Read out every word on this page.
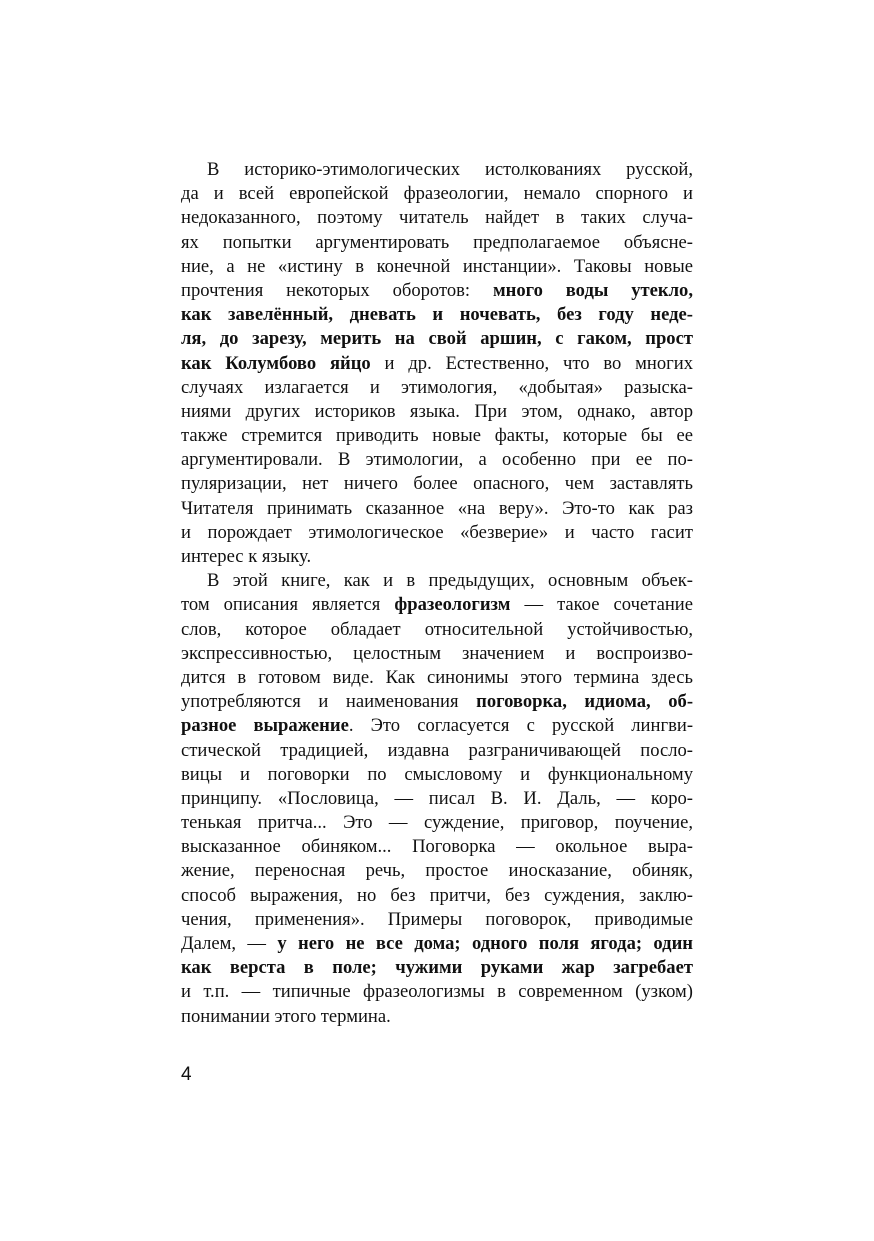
В историко-этимологических истолкованиях русской,
да и всей европейской фразеологии, немало спорного и
недоказанного, поэтому читатель найдет в таких случа-
ях попытки аргументировать предполагаемое объясне-
ние, а не «истину в конечной инстанции». Таковы новые
прочтения некоторых оборотов: много воды утекло,
как завелённый, дневать и ночевать, без году неде-
ля, до зарезу, мерить на свой аршин, с гаком, прост
как Колумбово яйцо и др. Естественно, что во многих
случаях излагается и этимология, «добытая» разыска-
ниями других историков языка. При этом, однако, автор
также стремится приводить новые факты, которые бы ее
аргументировали. В этимологии, а особенно при ее по-
пуляризации, нет ничего более опасного, чем заставлять
Читателя принимать сказанное «на веру». Это-то как раз
и порождает этимологическое «безверие» и часто гасит
интерес к языку.
В этой книге, как и в предыдущих, основным объек-
том описания является фразеологизм — такое сочетание
слов, которое обладает относительной устойчивостью,
экспрессивностью, целостным значением и воспроизво-
дится в готовом виде. Как синонимы этого термина здесь
употребляются и наименования поговорка, идиома, об-
разное выражение. Это согласуется с русской лингви-
стической традицией, издавна разграничивающей посло-
вицы и поговорки по смысловому и функциональному
принципу. «Пословица, — писал В. И. Даль, — коро-
тенькая притча... Это — суждение, приговор, поучение,
высказанное обиняком... Поговорка — окольное выра-
жение, переносная речь, простое иносказание, обиняк,
способ выражения, но без притчи, без суждения, заклю-
чения, применения». Примеры поговорок, приводимые
Далем, — у него не все дома; одного поля ягода; один
как верста в поле; чужими руками жар загребает
и т.п. — типичные фразеологизмы в современном (узком)
понимании этого термина.
4
